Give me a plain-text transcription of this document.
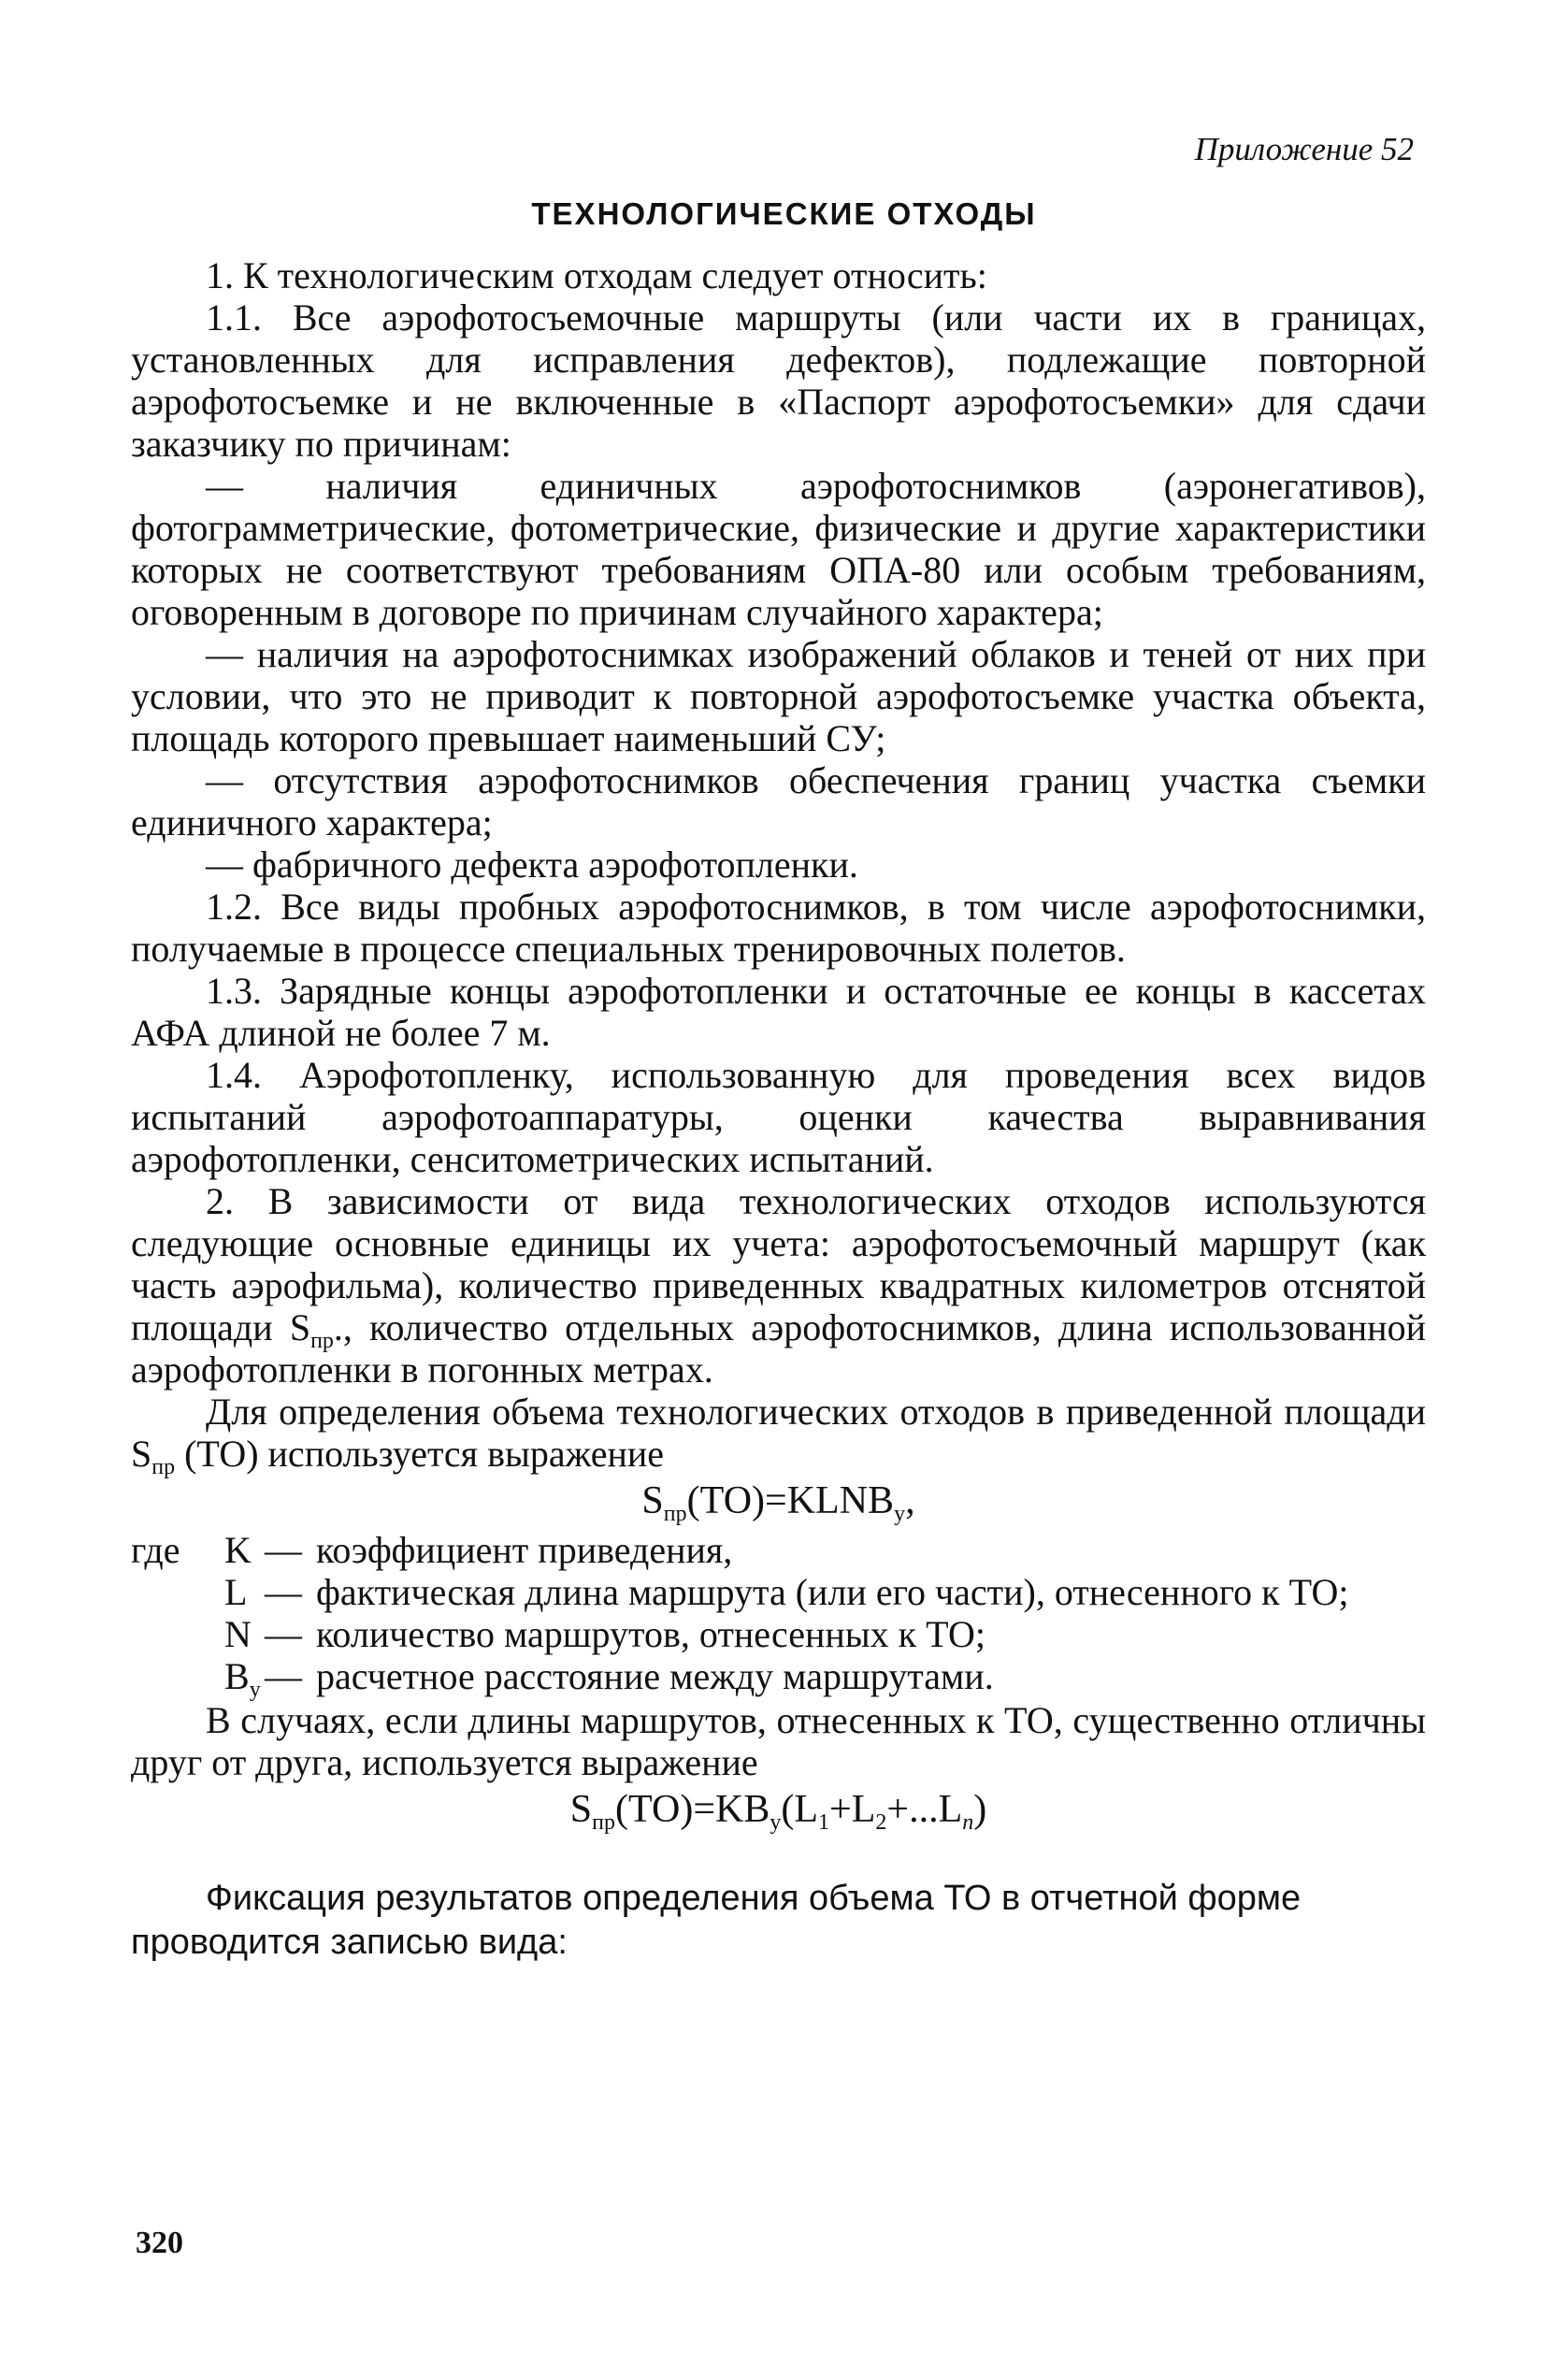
Приложение 52
ТЕХНОЛОГИЧЕСКИЕ ОТХОДЫ

1. К технологическим отходам следует относить:

1.1. Все аэрофотосъемочные маршруты (или части их в границах, установленных для исправления дефектов), подлежащие повторной аэрофотосъемке и не включенные в «Паспорт аэрофотосъемки» для сдачи заказчику по причинам:

— наличия единичных аэрофотоснимков (аэронегативов), фотограмметрические, фотометрические, физические и другие характеристики которых не соответствуют требованиям ОПА-80 или особым требованиям, оговоренным в договоре по причинам случайного характера;

— наличия на аэрофотоснимках изображений облаков и теней от них при условии, что это не приводит к повторной аэрофотосъемке участка объекта, площадь которого превышает наименьший СУ;

— отсутствия аэрофотоснимков обеспечения границ участка съемки единичного характера;

— фабричного дефекта аэрофотопленки.

1.2. Все виды пробных аэрофотоснимков, в том числе аэрофотоснимки, получаемые в процессе специальных тренировочных полетов.

1.3. Зарядные концы аэрофотопленки и остаточные ее концы в кассетах АФА длиной не более 7 м.

1.4. Аэрофотопленку, использованную для проведения всех видов испытаний аэрофотоаппаратуры, оценки качества выравнивания аэрофотопленки, сенситометрических испытаний.

2. В зависимости от вида технологических отходов используются следующие основные единицы их учета: аэрофотосъемочный маршрут (как часть аэрофильма), количество приведенных квадратных километров отснятой площади $S_{пр}$., количество отдельных аэрофотоснимков, длина использованной аэрофотопленки в погонных метрах.

Для определения объема технологических отходов в приведенной площади $S_{пр}$ (ТО) используется выражение

$S_{пр}(ТО)=KLNB_у$,
где	K — коэффициент приведения,
L — фактическая длина маршрута (или его части), отнесенного к ТО;
N — количество маршрутов, отнесенных к ТО;
$B_у$ — расчетное расстояние между маршрутами.

В случаях, если длины маршрутов, отнесенных к ТО, существенно отличны друг от друга, используется выражение

$S_{пр}(ТО)=KB_у(L_1+L_2+...L_n)$

Фиксация результатов определения объема ТО в отчетной форме проводится записью вида:

320
